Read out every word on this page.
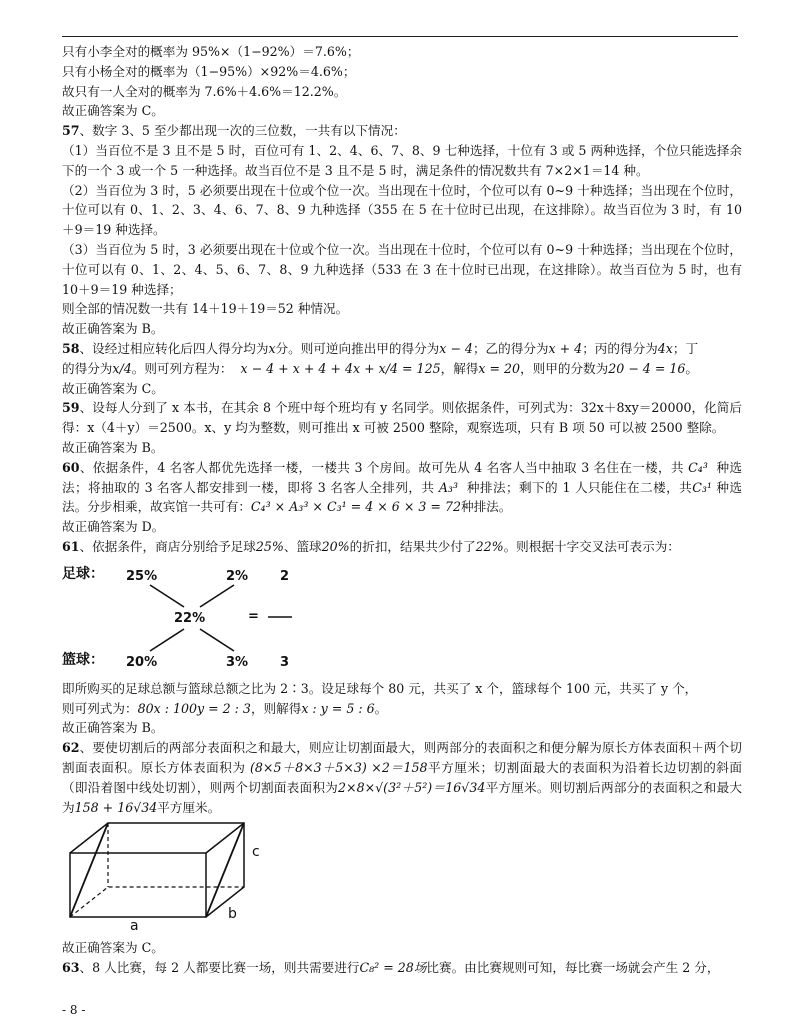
只有小李全对的概率为 95%×（1−92%）＝7.6%；

只有小杨全对的概率为（1−95%）×92%＝4.6%；

故只有一人全对的概率为 7.6%＋4.6%＝12.2%。

故正确答案为 C。

57、数字 3、5 至少都出现一次的三位数，一共有以下情况：

（1）当百位不是 3 且不是 5 时，百位可有 1、2、4、6、7、8、9 七种选择，十位有 3 或 5 两种选择，个位只能选择余下的一个 3 或一个 5 一种选择。故当百位不是 3 且不是 5 时，满足条件的情况数共有 7×2×1＝14 种。

（2）当百位为 3 时，5 必须要出现在十位或个位一次。当出现在十位时，个位可以有 0~9 十种选择；当出现在个位时，十位可以有 0、1、2、3、4、6、7、8、9 九种选择（355 在 5 在十位时已出现，在这排除）。故当百位为 3 时，有 10＋9＝19 种选择。

（3）当百位为 5 时，3 必须要出现在十位或个位一次。当出现在十位时，个位可以有 0~9 十种选择；当出现在个位时，十位可以有 0、1、2、4、5、6、7、8、9 九种选择（533 在 3 在十位时已出现，在这排除）。故当百位为 5 时，也有 10＋9＝19 种选择；

则全部的情况数一共有 14＋19＋19＝52 种情况。

故正确答案为 B。

58、设经过相应转化后四人得分均为x分。则可逆向推出甲的得分为x − 4；乙的得分为x + 4；丙的得分为4x；丁
的得分为x/4。则可列方程为： x − 4 + x + 4 + 4x + x/4 = 125，解得x = 20，则甲的分数为20 − 4 = 16。

故正确答案为 C。

59、设每人分到了 x 本书，在其余 8 个班中每个班均有 y 名同学。则依据条件，可列式为：32x＋8xy＝20000，化简后得：x（4＋y）＝2500。x、y 均为整数，则可推出 x 可被 2500 整除，观察选项，只有 B 项 50 可以被 2500 整除。

故正确答案为 B。

60、依据条件，4 名客人都优先选择一楼，一楼共 3 个房间。故可先从 4 名客人当中抽取 3 名住在一楼，共 C₄³ 种选法；将抽取的 3 名客人都安排到一楼，即将 3 名客人全排列，共 A₃³ 种排法；剩下的 1 人只能住在二楼，共C₃¹ 种选法。分步相乘，故宾馆一共可有：C₄³ × A₃³ × C₃¹ = 4 × 6 × 3 = 72种排法。

故正确答案为 D。

61、依据条件，商店分别给予足球25%、篮球20%的折扣，结果共少付了22%。则根据十字交叉法可表示为：

足球： 25%	2% 2
22%	=
篮球： 20%	3% 3

即所购买的足球总额与篮球总额之比为 2∶3。设足球每个 80 元，共买了 x 个，篮球每个 100 元，共买了 y 个，
则可列式为：80x : 100y = 2 : 3，则解得x : y = 5 : 6。

故正确答案为 B。

62、要使切割后的两部分表面积之和最大，则应让切割面最大，则两部分的表面积之和便分解为原长方体表面积＋两个切割面表面积。原长方体表面积为 (8×5＋8×3＋5×3) ×2＝158平方厘米；切割面最大的表面积为沿着长边切割的斜面（即沿着图中线处切割），则两个切割面表面积为2×8×√(3²＋5²)＝16√34平方厘米。则切割后两部分的表面积之和最大为158 + 16√34平方厘米。

a
b
c

故正确答案为 C。

63、8 人比赛，每 2 人都要比赛一场，则共需要进行C₈² = 28场比赛。由比赛规则可知，每比赛一场就会产生 2 分，

- 8 -
